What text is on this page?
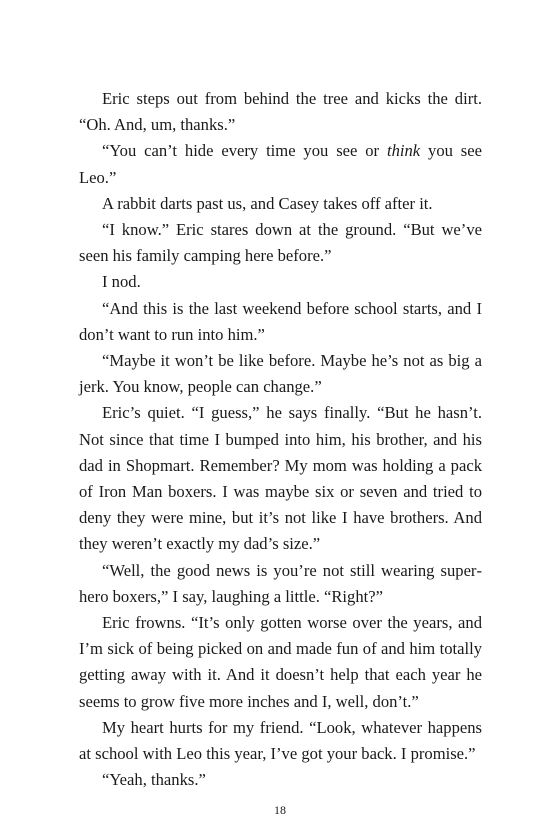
Eric steps out from behind the tree and kicks the dirt. “Oh. And, um, thanks.”

“You can’t hide every time you see or think you see Leo.”

A rabbit darts past us, and Casey takes off after it.

“I know.” Eric stares down at the ground. “But we’ve seen his family camping here before.”

I nod.

“And this is the last weekend before school starts, and I don’t want to run into him.”

“Maybe it won’t be like before. Maybe he’s not as big a jerk. You know, people can change.”

Eric’s quiet. “I guess,” he says finally. “But he hasn’t. Not since that time I bumped into him, his brother, and his dad in Shopmart. Remember? My mom was holding a pack of Iron Man boxers. I was maybe six or seven and tried to deny they were mine, but it’s not like I have brothers. And they weren’t exactly my dad’s size.”

“Well, the good news is you’re not still wearing superhero boxers,” I say, laughing a little. “Right?”

Eric frowns. “It’s only gotten worse over the years, and I’m sick of being picked on and made fun of and him totally getting away with it. And it doesn’t help that each year he seems to grow five more inches and I, well, don’t.”

My heart hurts for my friend. “Look, whatever happens at school with Leo this year, I’ve got your back. I promise.”

“Yeah, thanks.”

18
